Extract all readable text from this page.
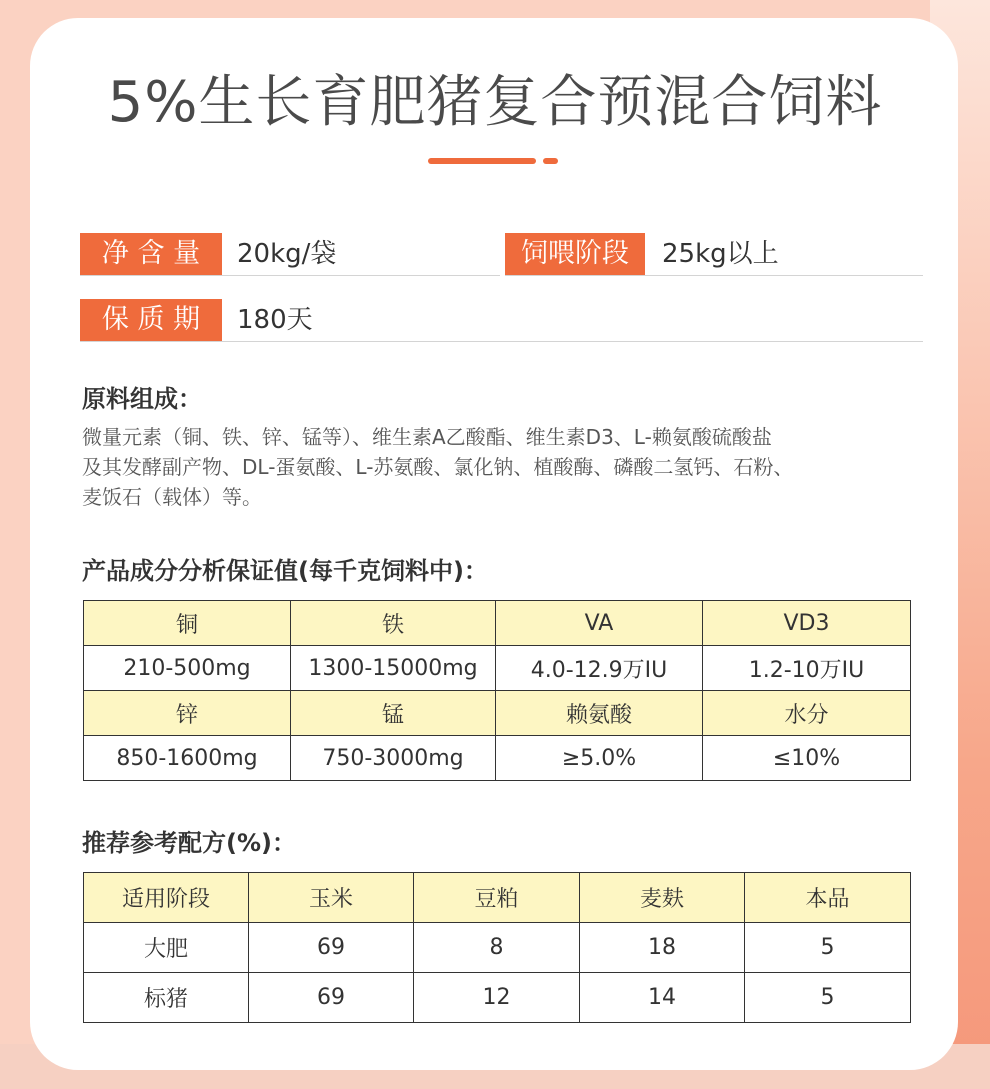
5%生长育肥猪复合预混合饲料
净 含 量	20kg/袋	饲喂阶段	25kg以上
保 质 期	180天
原料组成：
微量元素（铜、铁、锌、锰等）、维生素A乙酸酯、维生素D3、L-赖氨酸硫酸盐
及其发酵副产物、DL-蛋氨酸、L-苏氨酸、氯化钠、植酸酶、磷酸二氢钙、石粉、
麦饭石（载体）等。
产品成分分析保证值(每千克饲料中)：
铜	铁	VA	VD3
210-500mg	1300-15000mg	4.0-12.9万IU	1.2-10万IU
锌	锰	赖氨酸	水分
850-1600mg	750-3000mg	≥5.0%	≤10%
推荐参考配方(%)：
适用阶段	玉米	豆粕	麦麸	本品
大肥	69	8	18	5
标猪	69	12	14	5
